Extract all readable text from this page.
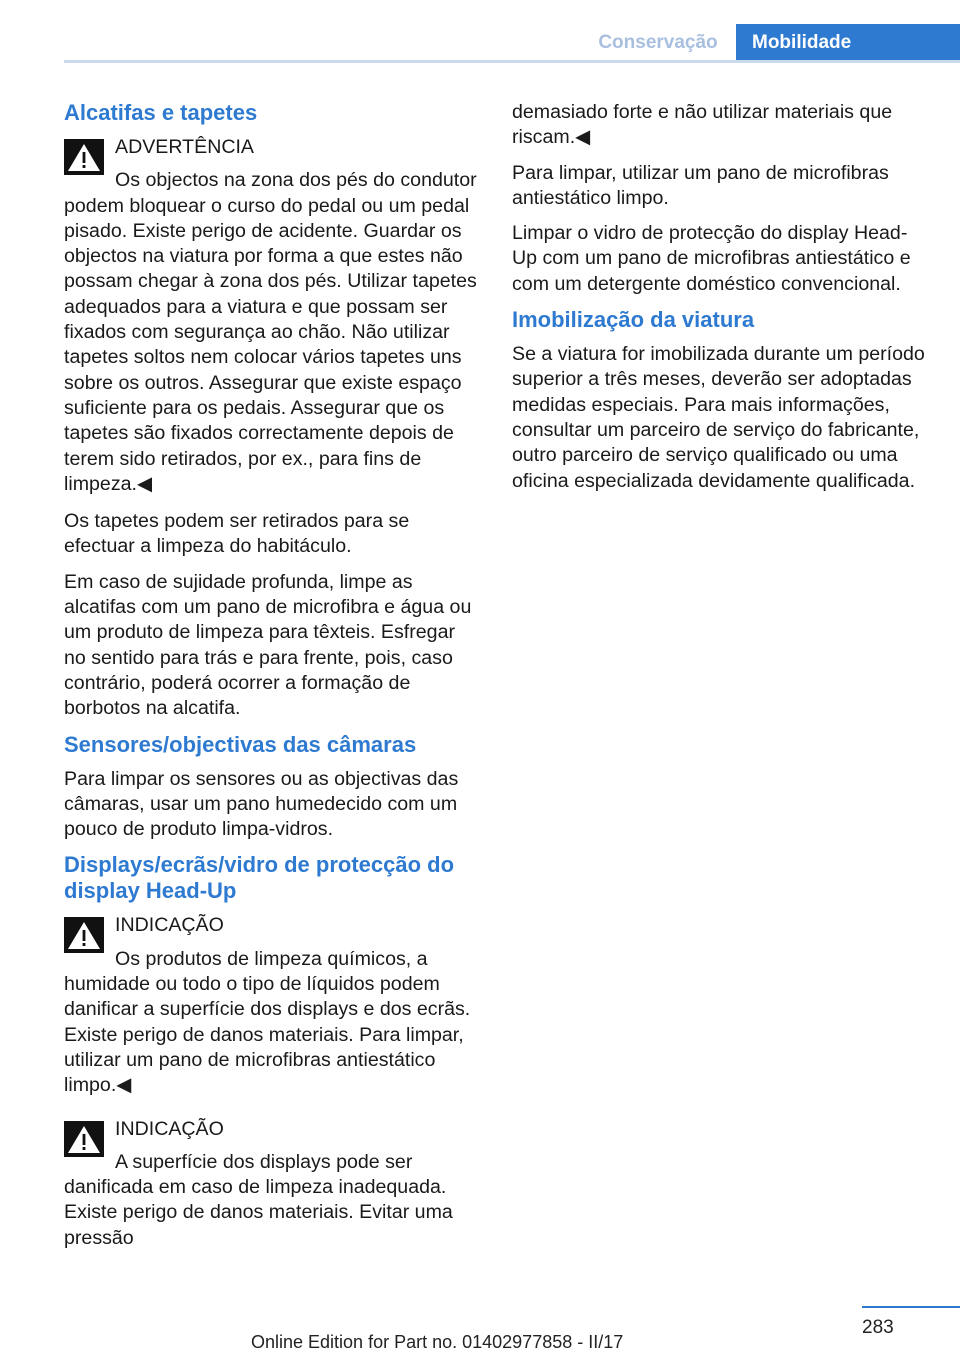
Conservação	Mobilidade
Alcatifas e tapetes
ADVERTÊNCIA
Os objectos na zona dos pés do condutor podem bloquear o curso do pedal ou um pedal pisado. Existe perigo de acidente. Guardar os objectos na viatura por forma a que estes não possam chegar à zona dos pés. Utilizar tapetes adequados para a viatura e que possam ser fixados com segurança ao chão. Não utilizar tapetes soltos nem colocar vários tapetes uns sobre os outros. Assegurar que existe espaço suficiente para os pedais. Assegurar que os tapetes são fixados correctamente depois de terem sido retirados, por ex., para fins de limpeza.◀

Os tapetes podem ser retirados para se efectuar a limpeza do habitáculo.

Em caso de sujidade profunda, limpe as alcatifas com um pano de microfibra e água ou um produto de limpeza para têxteis. Esfregar no sentido para trás e para frente, pois, caso contrário, poderá ocorrer a formação de borbotos na alcatifa.

Sensores/objectivas das câmaras

Para limpar os sensores ou as objectivas das câmaras, usar um pano humedecido com um pouco de produto limpa-vidros.

Displays/ecrãs/vidro de protecção do display Head-Up
INDICAÇÃO
Os produtos de limpeza químicos, a humidade ou todo o tipo de líquidos podem danificar a superfície dos displays e dos ecrãs. Existe perigo de danos materiais. Para limpar, utilizar um pano de microfibras antiestático limpo.◀
INDICAÇÃO
A superfície dos displays pode ser danificada em caso de limpeza inadequada. Existe perigo de danos materiais. Evitar uma pressão

demasiado forte e não utilizar materiais que riscam.◀

Para limpar, utilizar um pano de microfibras antiestático limpo.

Limpar o vidro de protecção do display Head-Up com um pano de microfibras antiestático e com um detergente doméstico convencional.

Imobilização da viatura

Se a viatura for imobilizada durante um período superior a três meses, deverão ser adoptadas medidas especiais. Para mais informações, consultar um parceiro de serviço do fabricante, outro parceiro de serviço qualificado ou uma oficina especializada devidamente qualificada.

283
Online Edition for Part no. 01402977858 - II/17
